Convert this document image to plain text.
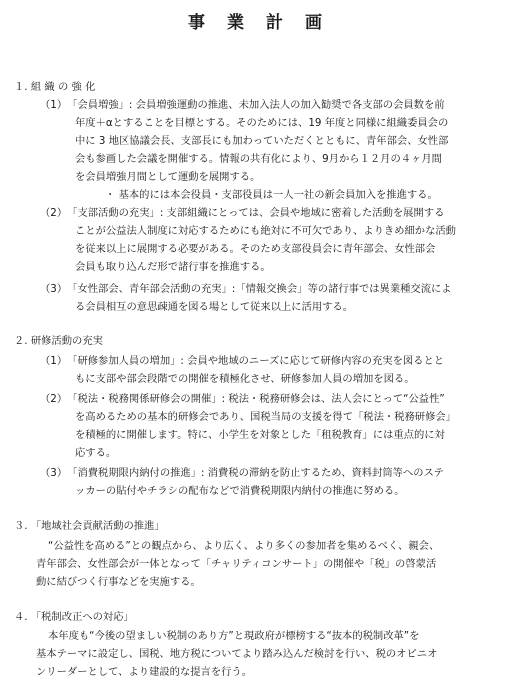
事業計画
１. 組 織 の 強 化
（1）　「会員増強」: 会員増強運動の推進、未加入法人の加入勧奨で各支部の会員数を前
年度＋αとすることを目標とする。そのためには、19 年度と同様に組織委員会の
中に 3 地区協議会長、支部長にも加わっていただくとともに、青年部会、女性部
会も参画した会議を開催する。情報の共有化により、9月から１２月の４ヶ月間
を会員増強月間として運動を展開する。
・ 基本的には本会役員・支部役員は一人一社の新会員加入を推進する。
（2）　「支部活動の充実」: 支部組織にとっては、会員や地域に密着した活動を展開する
ことが公益法人制度に対応するためにも絶対に不可欠であり、よりきめ細かな活動
を従来以上に展開する必要がある。そのため支部役員会に青年部会、女性部会
会員も取り込んだ形で諸行事を推進する。
（3）　「女性部会、青年部会活動の充実」:「情報交換会」等の諸行事では異業種交流によ
る会員相互の意思疎通を図る場として従来以上に活用する。
２. 研修活動の充実
（1）　「研修参加人員の増加」: 会員や地域のニーズに応じて研修内容の充実を図るとと
もに支部や部会段階での開催を積極化させ、研修参加人員の増加を図る。
（2）　「税法・税務関係研修会の開催」: 税法・税務研修会は、法人会にとって“公益性”
を高めるための基本的研修会であり、国税当局の支援を得て「税法・税務研修会」
を積極的に開催します。特に、小学生を対象とした「租税教育」には重点的に対
応する。
（3）　「消費税期限内納付の推進」: 消費税の滞納を防止するため、資料封筒等へのステ
ッカーの貼付やチラシの配布などで消費税期限内納付の推進に努める。
３. 「地域社会貢献活動の推進」
“公益性を高める”との観点から、より広く、より多くの参加者を集めるべく、親会、
青年部会、女性部会が一体となって「チャリティコンサート」の開催や「税」の啓蒙活
動に結びつく行事などを実施する。
４. 「税制改正への対応」
本年度も“今後の望ましい税制のあり方”と現政府が標榜する“抜本的税制改革”を
基本テーマに設定し、国税、地方税についてより踏み込んだ検討を行い、税のオピニオ
ンリーダーとして、より建設的な提言を行う。
